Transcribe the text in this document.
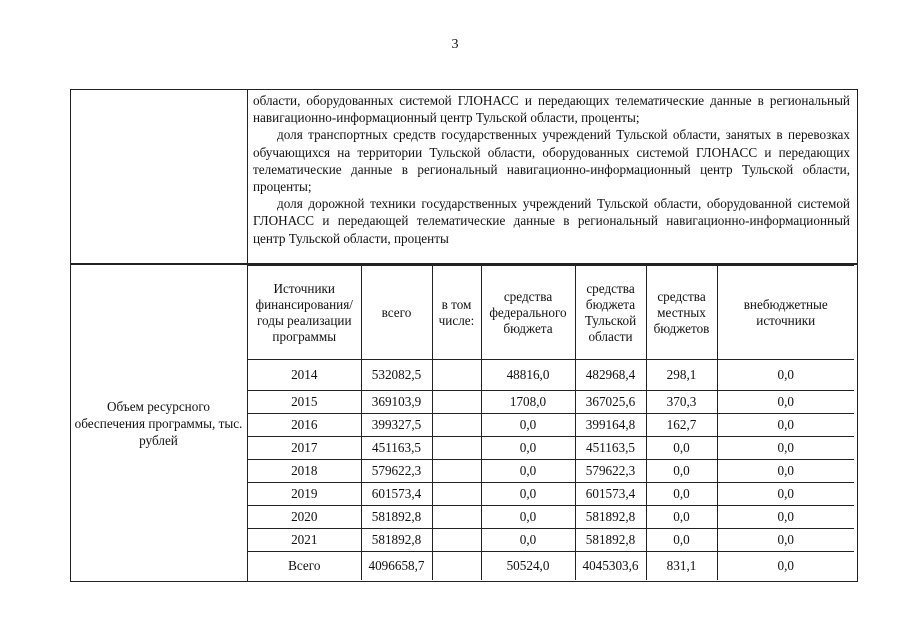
3

области, оборудованных системой ГЛОНАСС и передающих телематические данные в региональный навигационно-информационный центр Тульской области, проценты;

доля транспортных средств государственных учреждений Тульской области, занятых в перевозках обучающихся на территории Тульской области, оборудованных системой ГЛОНАСС и передающих телематические данные в региональный навигационно-информационный центр Тульской области, проценты;

доля дорожной техники государственных учреждений Тульской области, оборудованной системой ГЛОНАСС и передающей телематические данные в региональный навигационно-информационный центр Тульской области, проценты

Объем ресурсного обеспечения программы, тыс. рублей
Источники финансирования/ годы реализации программы	всего	в том числе:	средства федерального бюджета	средства бюджета Тульской области	средства местных бюджетов	внебюджетные источники
2014	532082,5		48816,0	482968,4	298,1	0,0
2015	369103,9		1708,0	367025,6	370,3	0,0
2016	399327,5		0,0	399164,8	162,7	0,0
2017	451163,5		0,0	451163,5	0,0	0,0
2018	579622,3		0,0	579622,3	0,0	0,0
2019	601573,4		0,0	601573,4	0,0	0,0
2020	581892,8		0,0	581892,8	0,0	0,0
2021	581892,8		0,0	581892,8	0,0	0,0
Всего	4096658,7		50524,0	4045303,6	831,1	0,0
